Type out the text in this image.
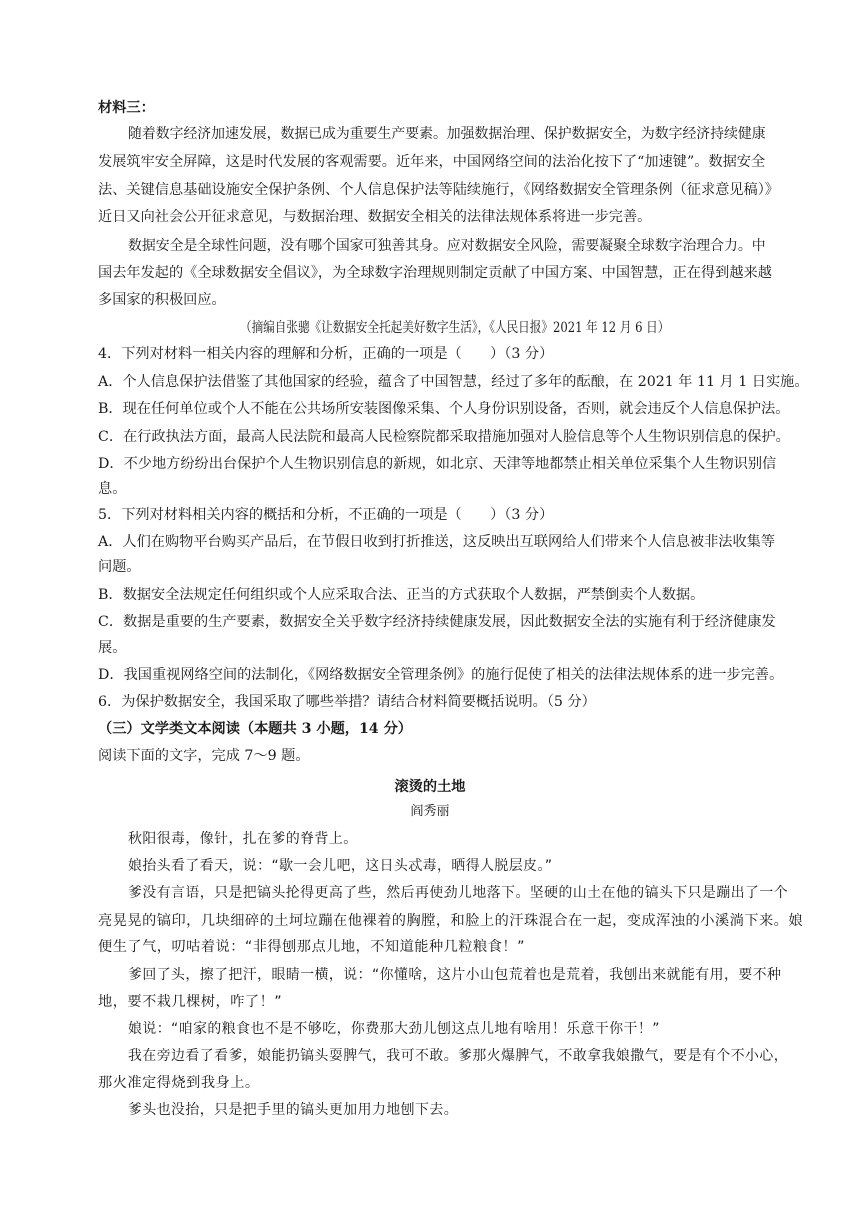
材料三：
随着数字经济加速发展，数据已成为重要生产要素。加强数据治理、保护数据安全，为数字经济持续健康
发展筑牢安全屏障，这是时代发展的客观需要。近年来，中国网络空间的法治化按下了“加速键”。数据安全
法、关键信息基础设施安全保护条例、个人信息保护法等陆续施行，《网络数据安全管理条例（征求意见稿）》
近日又向社会公开征求意见，与数据治理、数据安全相关的法律法规体系将进一步完善。
数据安全是全球性问题，没有哪个国家可独善其身。应对数据安全风险，需要凝聚全球数字治理合力。中
国去年发起的《全球数据安全倡议》，为全球数字治理规则制定贡献了中国方案、中国智慧，正在得到越来越
多国家的积极回应。
（摘编自张骢《让数据安全托起美好数字生活》，《人民日报》2021 年 12 月 6 日）
4．下列对材料一相关内容的理解和分析，正确的一项是（　　）（3 分）
A．个人信息保护法借鉴了其他国家的经验，蕴含了中国智慧，经过了多年的酝酿，在 2021 年 11 月 1 日实施。
B．现在任何单位或个人不能在公共场所安装图像采集、个人身份识别设备，否则，就会违反个人信息保护法。
C．在行政执法方面，最高人民法院和最高人民检察院都采取措施加强对人脸信息等个人生物识别信息的保护。
D．不少地方纷纷出台保护个人生物识别信息的新规，如北京、天津等地都禁止相关单位采集个人生物识别信
息。
5．下列对材料相关内容的概括和分析，不正确的一项是（　　）（3 分）
A．人们在购物平台购买产品后，在节假日收到打折推送，这反映出互联网给人们带来个人信息被非法收集等
问题。
B．数据安全法规定任何组织或个人应采取合法、正当的方式获取个人数据，严禁倒卖个人数据。
C．数据是重要的生产要素，数据安全关乎数字经济持续健康发展，因此数据安全法的实施有利于经济健康发
展。
D．我国重视网络空间的法制化，《网络数据安全管理条例》的施行促使了相关的法律法规体系的进一步完善。
6．为保护数据安全，我国采取了哪些举措？请结合材料简要概括说明。（5 分）
（三）文学类文本阅读（本题共 3 小题，14 分）
阅读下面的文字，完成 7～9 题。
滚烫的土地
阎秀丽
秋阳很毒，像针，扎在爹的脊背上。
娘抬头看了看天，说：“歇一会儿吧，这日头忒毒，晒得人脱层皮。”
爹没有言语，只是把镐头抡得更高了些，然后再使劲儿地落下。坚硬的山土在他的镐头下只是蹦出了一个
亮晃晃的镐印，几块细碎的土坷垃蹦在他裸着的胸膛，和脸上的汗珠混合在一起，变成浑浊的小溪淌下来。娘
便生了气，叨咕着说：“非得刨那点儿地，不知道能种几粒粮食！”
爹回了头，擦了把汗，眼睛一横，说：“你懂啥，这片小山包荒着也是荒着，我刨出来就能有用，要不种
地，要不栽几棵树，咋了！”
娘说：“咱家的粮食也不是不够吃，你费那大劲儿刨这点儿地有啥用！乐意干你干！”
我在旁边看了看爹，娘能扔镐头耍脾气，我可不敢。爹那火爆脾气，不敢拿我娘撒气，要是有个不小心，
那火准定得烧到我身上。
爹头也没抬，只是把手里的镐头更加用力地刨下去。
